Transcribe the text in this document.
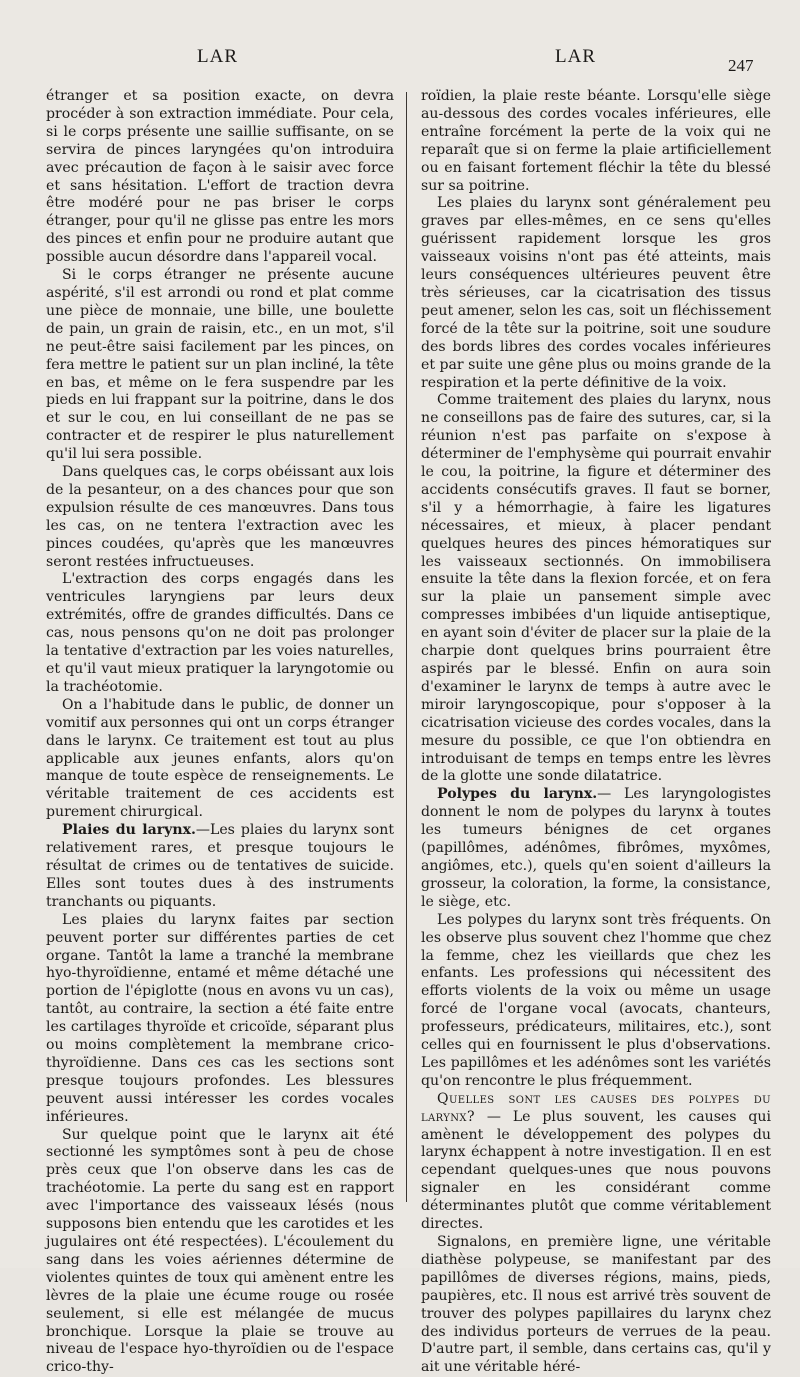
LAR	LAR	247

étranger et sa position exacte, on devra procéder à son extraction immédiate. Pour cela, si le corps présente une saillie suffisante, on se servira de pinces laryngées qu'on introduira avec précaution de façon à le saisir avec force et sans hésitation. L'effort de traction devra être modéré pour ne pas briser le corps étranger, pour qu'il ne glisse pas entre les mors des pinces et enfin pour ne produire autant que possible aucun désordre dans l'appareil vocal.

Si le corps étranger ne présente aucune aspérité, s'il est arrondi ou rond et plat comme une pièce de monnaie, une bille, une boulette de pain, un grain de raisin, etc., en un mot, s'il ne peut-être saisi facilement par les pinces, on fera mettre le patient sur un plan incliné, la tête en bas, et même on le fera suspendre par les pieds en lui frappant sur la poitrine, dans le dos et sur le cou, en lui conseillant de ne pas se contracter et de respirer le plus naturellement qu'il lui sera possible.

Dans quelques cas, le corps obéissant aux lois de la pesanteur, on a des chances pour que son expulsion résulte de ces manœuvres. Dans tous les cas, on ne tentera l'extraction avec les pinces coudées, qu'après que les manœuvres seront restées infructueuses.

L'extraction des corps engagés dans les ventricules laryngiens par leurs deux extrémités, offre de grandes difficultés. Dans ce cas, nous pensons qu'on ne doit pas prolonger la tentative d'extraction par les voies naturelles, et qu'il vaut mieux pratiquer la laryngotomie ou la trachéotomie.

On a l'habitude dans le public, de donner un vomitif aux personnes qui ont un corps étranger dans le larynx. Ce traitement est tout au plus applicable aux jeunes enfants, alors qu'on manque de toute espèce de renseignements. Le véritable traitement de ces accidents est purement chirurgical.

Plaies du larynx.—Les plaies du larynx sont relativement rares, et presque toujours le résultat de crimes ou de tentatives de suicide. Elles sont toutes dues à des instruments tranchants ou piquants.

Les plaies du larynx faites par section peuvent porter sur différentes parties de cet organe. Tantôt la lame a tranché la membrane hyo-thyroïdienne, entamé et même détaché une portion de l'épiglotte (nous en avons vu un cas), tantôt, au contraire, la section a été faite entre les cartilages thyroïde et cricoïde, séparant plus ou moins complètement la membrane crico-thyroïdienne. Dans ces cas les sections sont presque toujours profondes. Les blessures peuvent aussi intéresser les cordes vocales inférieures.

Sur quelque point que le larynx ait été sectionné les symptômes sont à peu de chose près ceux que l'on observe dans les cas de trachéotomie. La perte du sang est en rapport avec l'importance des vaisseaux lésés (nous supposons bien entendu que les carotides et les jugulaires ont été respectées). L'écoulement du sang dans les voies aériennes détermine de violentes quintes de toux qui amènent entre les lèvres de la plaie une écume rouge ou rosée seulement, si elle est mélangée de mucus bronchique. Lorsque la plaie se trouve au niveau de l'espace hyo-thyroïdien ou de l'espace crico-thy-

roïdien, la plaie reste béante. Lorsqu'elle siège au-dessous des cordes vocales inférieures, elle entraîne forcément la perte de la voix qui ne reparaît que si on ferme la plaie artificiellement ou en faisant fortement fléchir la tête du blessé sur sa poitrine.

Les plaies du larynx sont généralement peu graves par elles-mêmes, en ce sens qu'elles guérissent rapidement lorsque les gros vaisseaux voisins n'ont pas été atteints, mais leurs conséquences ultérieures peuvent être très sérieuses, car la cicatrisation des tissus peut amener, selon les cas, soit un fléchissement forcé de la tête sur la poitrine, soit une soudure des bords libres des cordes vocales inférieures et par suite une gêne plus ou moins grande de la respiration et la perte définitive de la voix.

Comme traitement des plaies du larynx, nous ne conseillons pas de faire des sutures, car, si la réunion n'est pas parfaite on s'expose à déterminer de l'emphysème qui pourrait envahir le cou, la poitrine, la figure et déterminer des accidents consécutifs graves. Il faut se borner, s'il y a hémorrhagie, à faire les ligatures nécessaires, et mieux, à placer pendant quelques heures des pinces hémoratiques sur les vaisseaux sectionnés. On immobilisera ensuite la tête dans la flexion forcée, et on fera sur la plaie un pansement simple avec compresses imbibées d'un liquide antiseptique, en ayant soin d'éviter de placer sur la plaie de la charpie dont quelques brins pourraient être aspirés par le blessé. Enfin on aura soin d'examiner le larynx de temps à autre avec le miroir laryngoscopique, pour s'opposer à la cicatrisation vicieuse des cordes vocales, dans la mesure du possible, ce que l'on obtiendra en introduisant de temps en temps entre les lèvres de la glotte une sonde dilatatrice.

Polypes du larynx.— Les laryngologistes donnent le nom de polypes du larynx à toutes les tumeurs bénignes de cet organes (papillômes, adénômes, fibrômes, myxômes, angiômes, etc.), quels qu'en soient d'ailleurs la grosseur, la coloration, la forme, la consistance, le siège, etc.

Les polypes du larynx sont très fréquents. On les observe plus souvent chez l'homme que chez la femme, chez les vieillards que chez les enfants. Les professions qui nécessitent des efforts violents de la voix ou même un usage forcé de l'organe vocal (avocats, chanteurs, professeurs, prédicateurs, militaires, etc.), sont celles qui en fournissent le plus d'observations. Les papillômes et les adénômes sont les variétés qu'on rencontre le plus fréquemment.

Quelles sont les causes des polypes du larynx? — Le plus souvent, les causes qui amènent le développement des polypes du larynx échappent à notre investigation. Il en est cependant quelques-unes que nous pouvons signaler en les considérant comme déterminantes plutôt que comme véritablement directes.

Signalons, en première ligne, une véritable diathèse polypeuse, se manifestant par des papillômes de diverses régions, mains, pieds, paupières, etc. Il nous est arrivé très souvent de trouver des polypes papillaires du larynx chez des individus porteurs de verrues de la peau. D'autre part, il semble, dans certains cas, qu'il y ait une véritable héré-
